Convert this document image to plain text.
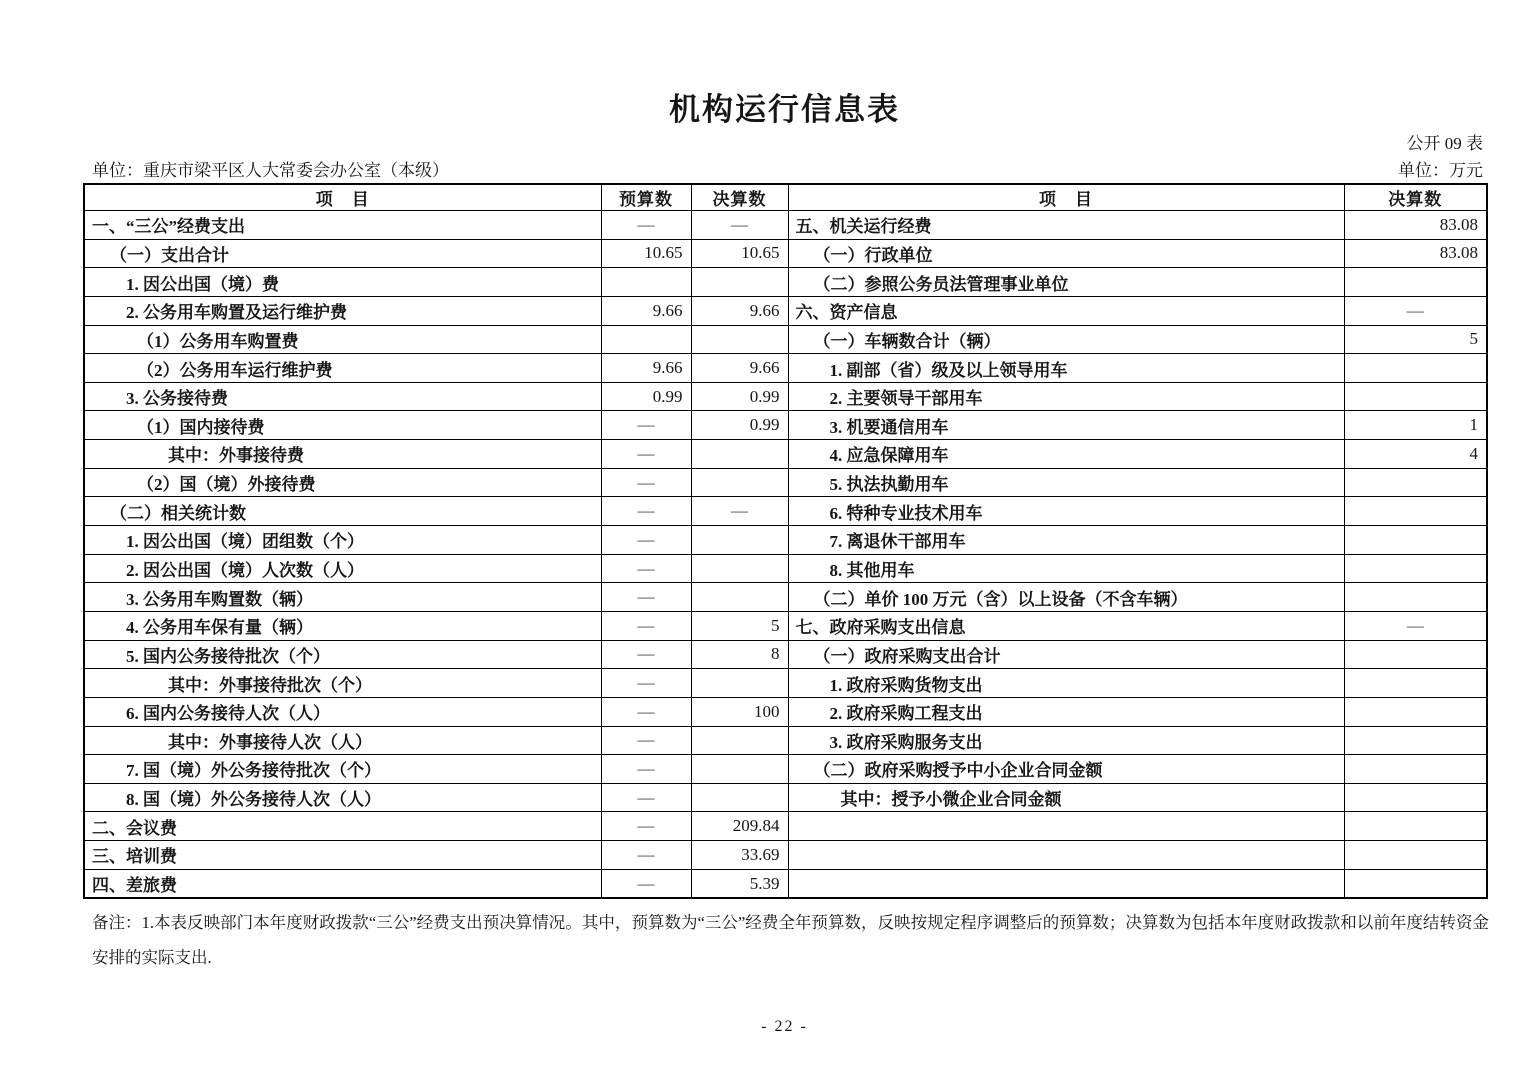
机构运行信息表
公开 09 表
单位：重庆市梁平区人大常委会办公室（本级）	单位：万元
项　目	预算数	决算数	项　目	决算数
一、“三公”经费支出	—	—	五、机关运行经费	83.08
（一）支出合计	10.65	10.65	（一）行政单位	83.08
1. 因公出国（境）费			（二）参照公务员法管理事业单位	
2. 公务用车购置及运行维护费	9.66	9.66	六、资产信息	—
（1）公务用车购置费			（一）车辆数合计（辆）	5
（2）公务用车运行维护费	9.66	9.66	1. 副部（省）级及以上领导用车	
3. 公务接待费	0.99	0.99	2. 主要领导干部用车	
（1）国内接待费	—	0.99	3. 机要通信用车	1
其中：外事接待费	—		4. 应急保障用车	4
（2）国（境）外接待费	—		5. 执法执勤用车	
（二）相关统计数	—	—	6. 特种专业技术用车	
1. 因公出国（境）团组数（个）	—		7. 离退休干部用车	
2. 因公出国（境）人次数（人）	—		8. 其他用车	
3. 公务用车购置数（辆）	—		（二）单价 100 万元（含）以上设备（不含车辆）	
4. 公务用车保有量（辆）	—	5	七、政府采购支出信息	—
5. 国内公务接待批次（个）	—	8	（一）政府采购支出合计	
其中：外事接待批次（个）	—		1. 政府采购货物支出	
6. 国内公务接待人次（人）	—	100	2. 政府采购工程支出	
其中：外事接待人次（人）	—		3. 政府采购服务支出	
7. 国（境）外公务接待批次（个）	—		（二）政府采购授予中小企业合同金额	
8. 国（境）外公务接待人次（人）	—		其中：授予小微企业合同金额	
二、会议费	—	209.84		
三、培训费	—	33.69		
四、差旅费	—	5.39		
备注：1.本表反映部门本年度财政拨款“三公”经费支出预决算情况。其中，预算数为“三公”经费全年预算数，反映按规定程序调整后的预算数；决算数为包括本年度财政拨款和以前年度结转资金
安排的实际支出.
- 22 -
